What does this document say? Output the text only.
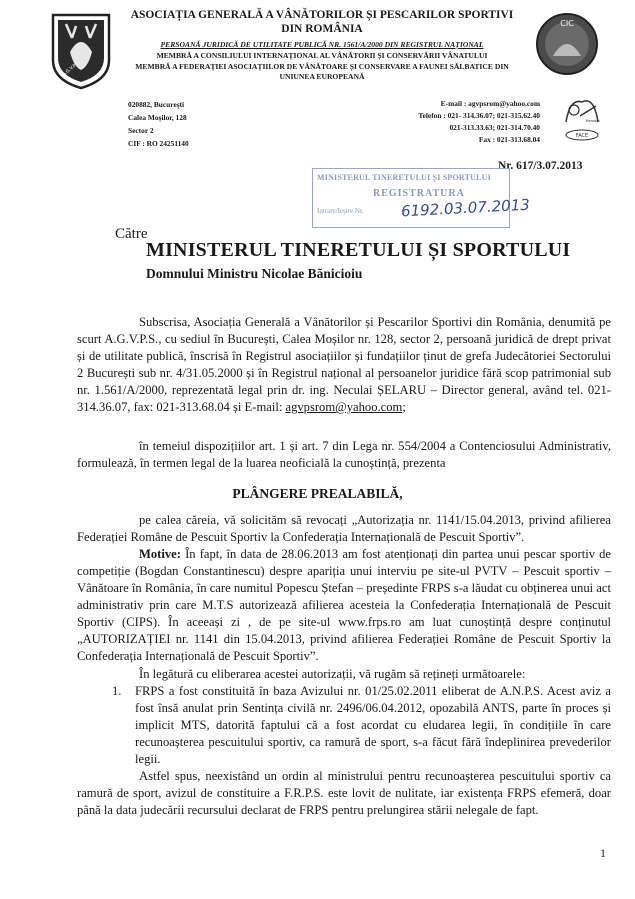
A.G.V.P.S.
ASOCIAȚIA GENERALĂ A VÂNĂTORILOR ȘI PESCARILOR SPORTIVI DIN ROMÂNIA
PERSOANĂ JURIDICĂ DE UTILITATE PUBLICĂ NR. 1561/A/2000 DIN REGISTRUL NAȚIONAL
MEMBRĂ A CONSILIULUI INTERNAȚIONAL AL VÂNĂTORII ȘI CONSERVĂRII VÂNATULUI
MEMBRĂ A FEDERAȚIEI ASOCIAȚIILOR DE VÂNĂTOARE ȘI CONSERVARE A FAUNEI SĂLBATICE DIN UNIUNEA EUROPEANĂ
CIC
FACE
Member
020882, București
Calea Moșilor, 128
Sector 2
CIF : RO 24251140
E-mail : agvpsrom@yahoo.com
Telefon : 021- 314.36.07; 021-315.62.40
021-313.33.63; 021-314.70.40
Fax : 021-313.68.04
Nr. 617/3.07.2013
MINISTERUL TINERETULUI ȘI SPORTULUI
REGISTRATURA
Intrare/Ieșire Nr. 6192.03.07.2013
Către
MINISTERUL TINERETULUI ȘI SPORTULUI
Domnului Ministru Nicolae Bănicioiu

Subscrisa, Asociația Generală a Vânătorilor și Pescarilor Sportivi din România, denumită pe scurt A.G.V.P.S., cu sediul în București, Calea Moșilor nr. 128, sector 2, persoană juridică de drept privat și de utilitate publică, înscrisă în Registrul asociațiilor și fundațiilor ținut de grefa Judecătoriei Sectorului 2 București sub nr. 4/31.05.2000 și în Registrul național al persoanelor juridice fără scop patrimonial sub nr. 1.561/A/2000, reprezentată legal prin dr. ing. Neculai ȘELARU – Director general, având tel. 021-314.36.07, fax: 021-313.68.04 și E-mail: agvpsrom@yahoo.com;

în temeiul dispozițiilor art. 1 și art. 7 din Lega nr. 554/2004 a Contenciosului Administrativ, formulează, în termen legal de la luarea neoficială la cunoștință, prezenta

PLÂNGERE PREALABILĂ,

pe calea căreia, vă solicităm să revocați „Autorizația nr. 1141/15.04.2013, privind afilierea Federației Române de Pescuit Sportiv la Confederația Internațională de Pescuit Sportiv”.

Motive: În fapt, în data de 28.06.2013 am fost atenționați din partea unui pescar sportiv de competiție (Bogdan Constantinescu) despre apariția unui interviu pe site-ul PVTV – Pescuit sportiv – Vânătoare în România, în care numitul Popescu Ștefan – președinte FRPS s-a lăudat cu obținerea unui act administrativ prin care M.T.S autorizează afilierea acesteia la Confederația Internațională de Pescuit Sportiv (CIPS). În aceeași zi , de pe site-ul www.frps.ro am luat cunoștință despre conținutul „AUTORIZAȚIEI nr. 1141 din 15.04.2013, privind afilierea Federației Române de Pescuit Sportiv la Confederația Internațională de Pescuit Sportiv”.

În legătură cu eliberarea acestei autorizații, vă rugăm să rețineți următoarele:

1. FRPS a fost constituită în baza Avizului nr. 01/25.02.2011 eliberat de A.N.P.S. Acest aviz a fost însă anulat prin Sentința civilă nr. 2496/06.04.2012, opozabilă ANTS, parte în proces și implicit MTS, datorită faptului că a fost acordat cu eludarea legii, în condițiile în care recunoașterea pescuitului sportiv, ca ramură de sport, s-a făcut fără îndeplinirea prevederilor legii.

Astfel spus, neexistând un ordin al ministrului pentru recunoașterea pescuitului sportiv ca ramură de sport, avizul de constituire a F.R.P.S. este lovit de nulitate, iar existența FRPS efemeră, doar până la data judecării recursului declarat de FRPS pentru prelungirea stării nelegale de fapt.

1
